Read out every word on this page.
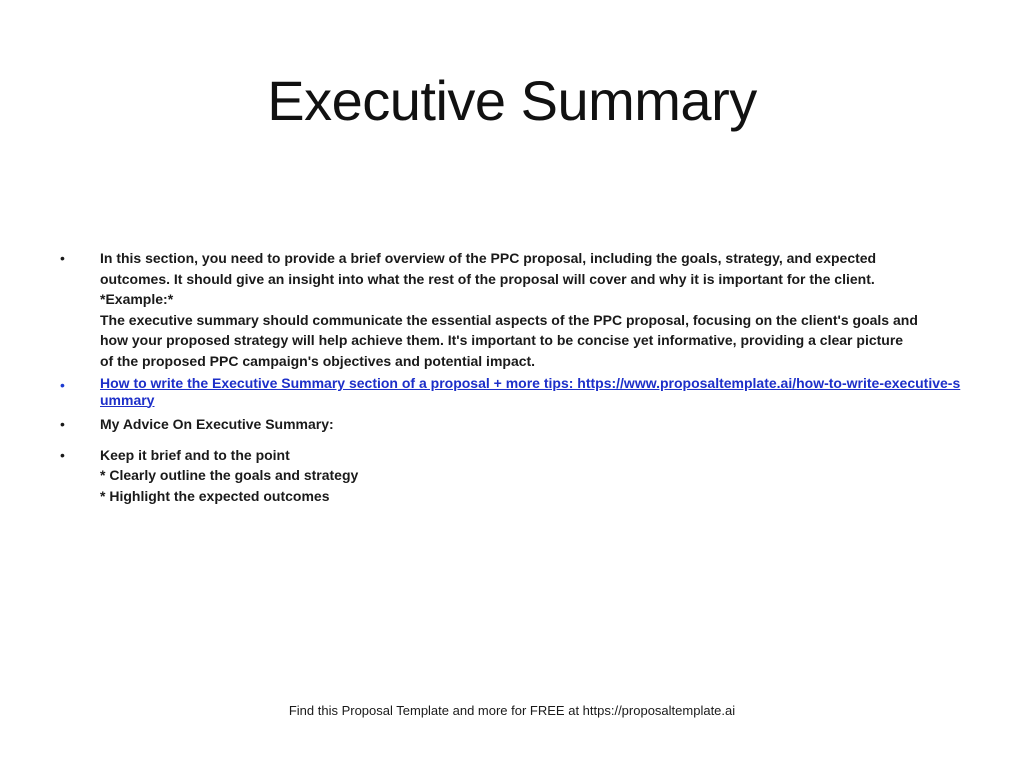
Executive Summary
•	In this section, you need to provide a brief overview of the PPC proposal, including the goals, strategy, and expected
outcomes. It should give an insight into what the rest of the proposal will cover and why it is important for the client.
*Example:*
The executive summary should communicate the essential aspects of the PPC proposal, focusing on the client's goals and
how your proposed strategy will help achieve them. It's important to be concise yet informative, providing a clear picture
of the proposed PPC campaign's objectives and potential impact.
•	How to write the Executive Summary section of a proposal + more tips: https://www.proposaltemplate.ai/how-to-write-executive-summary
•	My Advice On Executive Summary:
•	Keep it brief and to the point
* Clearly outline the goals and strategy
* Highlight the expected outcomes

Find this Proposal Template and more for FREE at https://proposaltemplate.ai
